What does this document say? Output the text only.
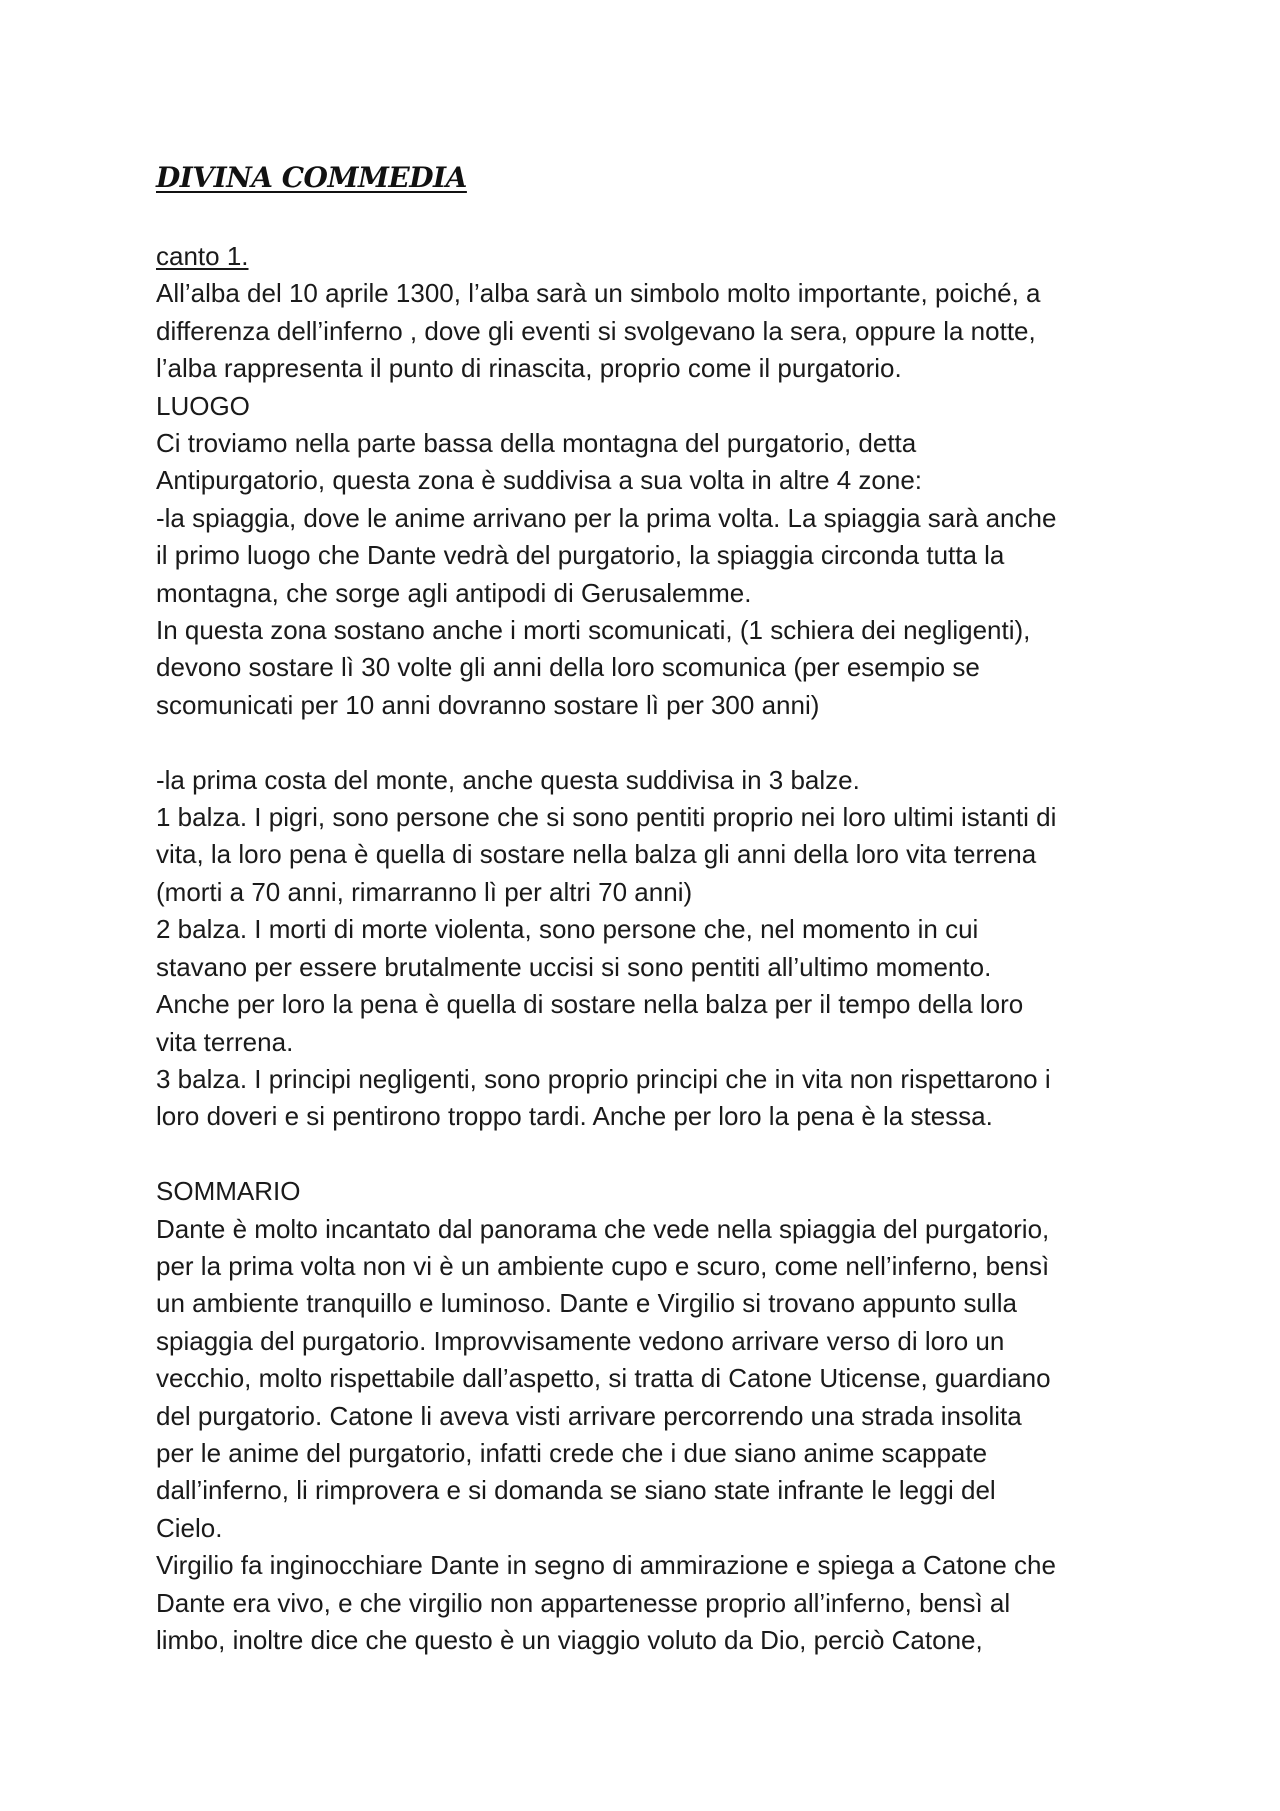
DIVINA COMMEDIA
canto 1.
All’alba del 10 aprile 1300, l’alba sarà un simbolo molto importante, poiché, a
differenza dell’inferno , dove gli eventi si svolgevano la sera, oppure la notte,
l’alba rappresenta il punto di rinascita, proprio come il purgatorio.
LUOGO
Ci troviamo nella parte bassa della montagna del purgatorio, detta
Antipurgatorio, questa zona è suddivisa a sua volta in altre 4 zone:
-la spiaggia, dove le anime arrivano per la prima volta. La spiaggia sarà anche
il primo luogo che Dante vedrà del purgatorio, la spiaggia circonda tutta la
montagna, che sorge agli antipodi di Gerusalemme.
In questa zona sostano anche i morti scomunicati, (1 schiera dei negligenti),
devono sostare lì 30 volte gli anni della loro scomunica (per esempio se
scomunicati per 10 anni dovranno sostare lì per 300 anni)
-la prima costa del monte, anche questa suddivisa in 3 balze.
1 balza. I pigri, sono persone che si sono pentiti proprio nei loro ultimi istanti di
vita, la loro pena è quella di sostare nella balza gli anni della loro vita terrena
(morti a 70 anni, rimarranno lì per altri 70 anni)
2 balza. I morti di morte violenta, sono persone che, nel momento in cui
stavano per essere brutalmente uccisi si sono pentiti all’ultimo momento.
Anche per loro la pena è quella di sostare nella balza per il tempo della loro
vita terrena.
3 balza. I principi negligenti, sono proprio principi che in vita non rispettarono i
loro doveri e si pentirono troppo tardi. Anche per loro la pena è la stessa.
SOMMARIO
Dante è molto incantato dal panorama che vede nella spiaggia del purgatorio,
per la prima volta non vi è un ambiente cupo e scuro, come nell’inferno, bensì
un ambiente tranquillo e luminoso. Dante e Virgilio si trovano appunto sulla
spiaggia del purgatorio. Improvvisamente vedono arrivare verso di loro un
vecchio, molto rispettabile dall’aspetto, si tratta di Catone Uticense, guardiano
del purgatorio. Catone li aveva visti arrivare percorrendo una strada insolita
per le anime del purgatorio, infatti crede che i due siano anime scappate
dall’inferno, li rimprovera e si domanda se siano state infrante le leggi del
Cielo.
Virgilio fa inginocchiare Dante in segno di ammirazione e spiega a Catone che
Dante era vivo, e che virgilio non appartenesse proprio all’inferno, bensì al
limbo, inoltre dice che questo è un viaggio voluto da Dio, perciò Catone,
